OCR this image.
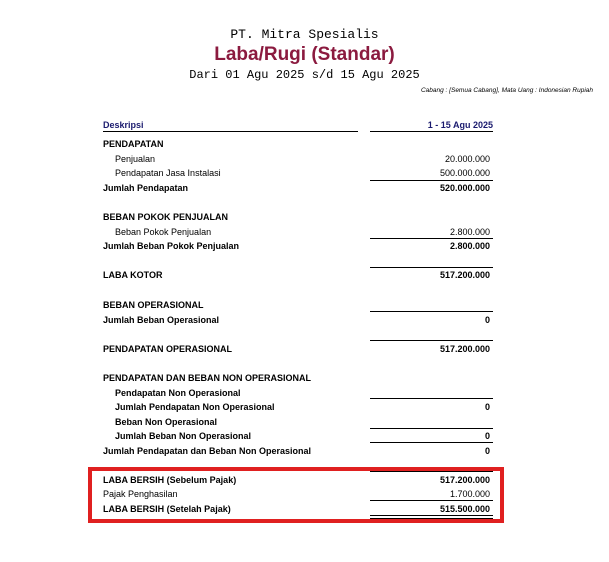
PT. Mitra Spesialis
Laba/Rugi (Standar)
Dari 01 Agu 2025 s/d 15 Agu 2025
Cabang : [Semua Cabang], Mata Uang : Indonesian Rupiah
Deskripsi	1 - 15 Agu 2025
PENDAPATAN
Penjualan	20.000.000
Pendapatan Jasa Instalasi	500.000.000
Jumlah Pendapatan	520.000.000
BEBAN POKOK PENJUALAN
Beban Pokok Penjualan	2.800.000
Jumlah Beban Pokok Penjualan	2.800.000
LABA KOTOR	517.200.000
BEBAN OPERASIONAL
Jumlah Beban Operasional	0
PENDAPATAN OPERASIONAL	517.200.000
PENDAPATAN DAN BEBAN NON OPERASIONAL
Pendapatan Non Operasional
Jumlah Pendapatan Non Operasional	0
Beban Non Operasional
Jumlah Beban Non Operasional	0
Jumlah Pendapatan dan Beban Non Operasional	0
LABA BERSIH (Sebelum Pajak)	517.200.000
Pajak Penghasilan	1.700.000
LABA BERSIH (Setelah Pajak)	515.500.000
